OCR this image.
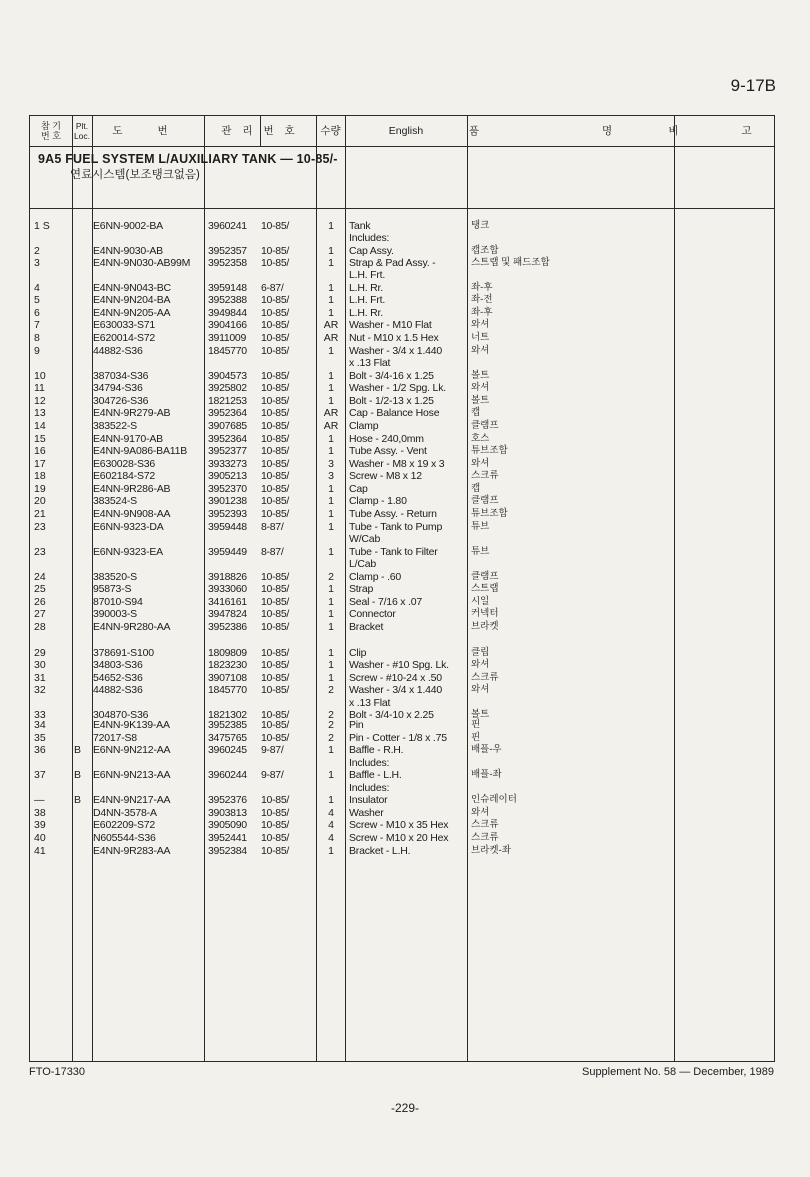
9-17B
참 기
번 호
Plt.
Loc.	도 번	관 리 번 호	수량	English	품 명
비 고
9A5 FUEL SYSTEM L/AUXILIARY TANK — 10-85/-
연료시스템(보조탱크없음)
1 S	E6NN-9002-BA	3960241 10-85/	1	Tank	탱크
Includes:
2	E4NN-9030-AB	3952357 10-85/	1	Cap Assy.	캡조합
3	E4NN-9N030-AB99M 3952358 10-85/	1	Strap & Pad Assy. -	스트랩 및 패드조합
L.H. Frt.
4	E4NN-9N043-BC	3959148 6-87/	1	L.H. Rr.	좌-후
5	E4NN-9N204-BA	3952388 10-85/	1	L.H. Frt.	좌-전
6	E4NN-9N205-AA	3949844 10-85/	1	L.H. Rr.	좌-후
7	E630033-S71	3904166 10-85/	AR	Washer - M10 Flat	와셔
8	E620014-S72	3911009 10-85/	AR	Nut - M10 x 1.5 Hex	너트
9	44882-S36	1845770 10-85/	1	Washer - 3/4 x 1.440	와셔
x .13 Flat
10	387034-S36	3904573 10-85/	1	Bolt - 3/4-16 x 1.25	볼트
11	34794-S36	3925802 10-85/	1	Washer - 1/2 Spg. Lk.	와셔
12	304726-S36	1821253 10-85/	1	Bolt - 1/2-13 x 1.25	볼트
13	E4NN-9R279-AB	3952364 10-85/	AR	Cap - Balance Hose	캡
14	383522-S	3907685 10-85/	AR	Clamp	클램프
15	E4NN-9170-AB	3952364 10-85/	1	Hose - 240,0mm	호스
16	E4NN-9A086-BA11B 3952377 10-85/	1	Tube Assy. - Vent	튜브조합
17	E630028-S36	3933273 10-85/	3	Washer - M8 x 19 x 3	와셔
18	E602184-S72	3905213 10-85/	3	Screw - M8 x 12	스크류
19	E4NN-9R286-AB	3952370 10-85/	1	Cap	캡
20	383524-S	3901238 10-85/	1	Clamp - 1.80	클램프
21	E4NN-9N908-AA	3952393 10-85/	1	Tube Assy. - Return	튜브조합
23	E6NN-9323-DA	3959448 8-87/	1	Tube - Tank to Pump	튜브
W/Cab
23	E6NN-9323-EA	3959449 8-87/	1	Tube - Tank to Filter	튜브
L/Cab
24	383520-S	3918826 10-85/	2	Clamp - .60	클램프
25	95873-S	3933060 10-85/	1	Strap	스트랩
26	87010-S94	3416161 10-85/	1	Seal - 7/16 x .07	시일
27	390003-S	3947824 10-85/	1	Connector	커넥터
28	E4NN-9R280-AA	3952386 10-85/	1	Bracket	브라켓
29	378691-S100	1809809 10-85/	1	Clip	클립
30	34803-S36	1823230 10-85/	1	Washer - #10 Spg. Lk. 와셔
31	54652-S36	3907108 10-85/	1	Screw - #10-24 x .50	스크류
32	44882-S36	1845770 10-85/	2	Washer - 3/4 x 1.440	와셔
x .13 Flat
33	304870-S36	1821302 10-85/	2	Bolt - 3/4-10 x 2.25	볼트
34	E4NN-9K139-AA	3952385 10-85/	2	Pin	핀
35	72017-S8	3475765 10-85/	2	Pin - Cotter - 1/8 x .75	핀
36	B E6NN-9N212-AA	3960245 9-87/	1	Baffle - R.H.	배플-우
Includes:
37	B E6NN-9N213-AA	3960244 9-87/	1	Baffle - L.H.	배플-좌
Includes:
—	B E4NN-9N217-AA	3952376 10-85/	1	Insulator	인슈레이터
38	D4NN-3578-A	3903813 10-85/	4	Washer	와셔
39	E602209-S72	3905090 10-85/	4	Screw - M10 x 35 Hex 스크류
40	N605544-S36	3952441 10-85/	4	Screw - M10 x 20 Hex 스크류
41	E4NN-9R283-AA	3952384 10-85/	1	Bracket - L.H.	브라켓-좌
FTO-17330	Supplement No. 58 — December, 1989
-229-
